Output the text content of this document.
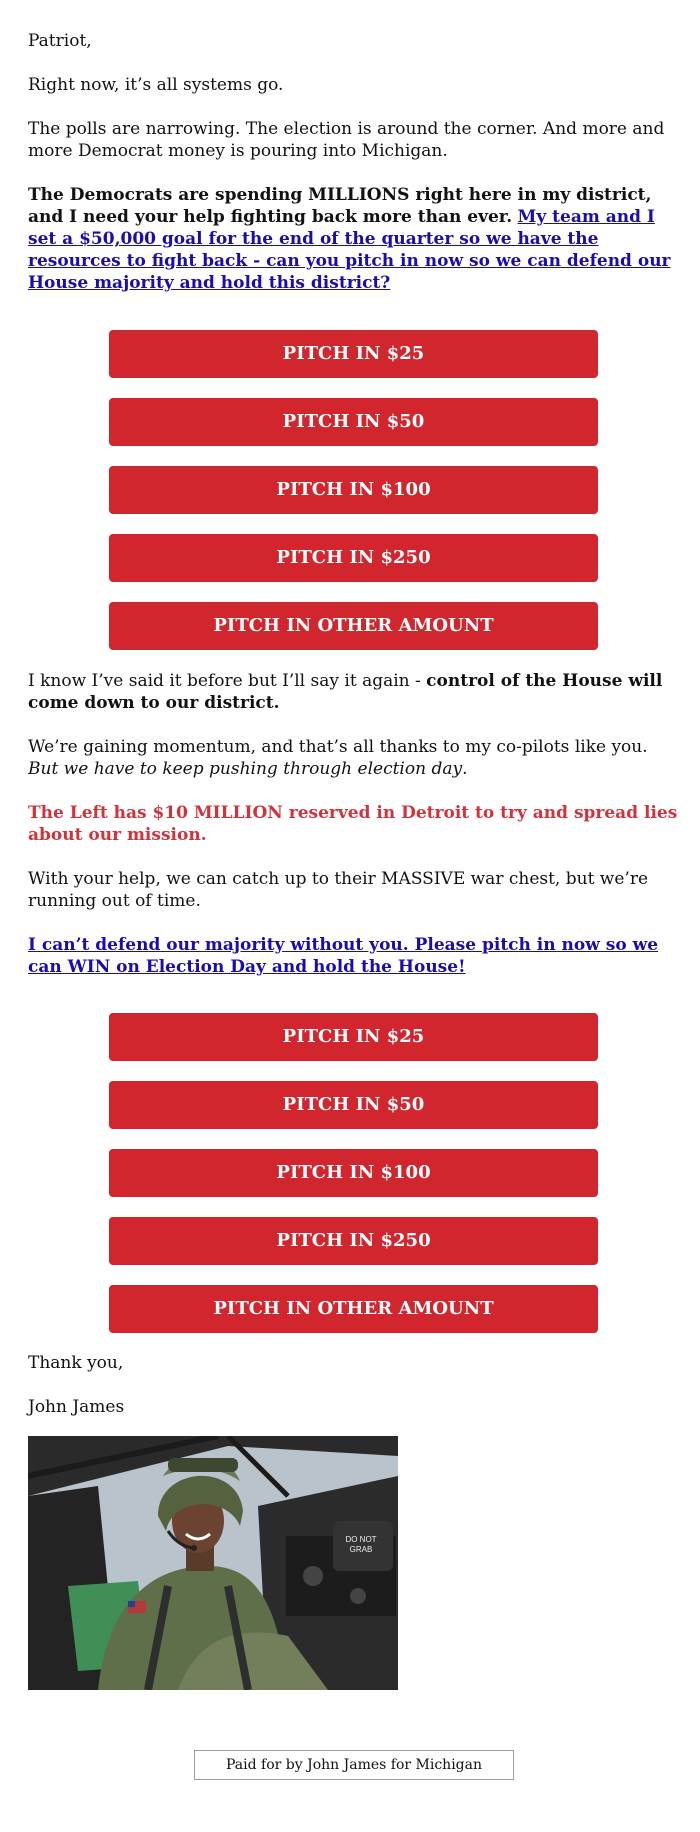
Patriot,

Right now, it’s all systems go.

The polls are narrowing. The election is around the corner. And more and more Democrat money is pouring into Michigan.

The Democrats are spending MILLIONS right here in my district, and I need your help fighting back more than ever. My team and I set a $50,000 goal for the end of the quarter so we have the resources to fight back - can you pitch in now so we can defend our House majority and hold this district?

PITCH IN $25
PITCH IN $50
PITCH IN $100
PITCH IN $250
PITCH IN OTHER AMOUNT

I know I’ve said it before but I’ll say it again - control of the House will come down to our district.

We’re gaining momentum, and that’s all thanks to my co-pilots like you. But we have to keep pushing through election day.

The Left has $10 MILLION reserved in Detroit to try and spread lies about our mission.

With your help, we can catch up to their MASSIVE war chest, but we’re running out of time.

I can’t defend our majority without you. Please pitch in now so we can WIN on Election Day and hold the House!

PITCH IN $25
PITCH IN $50
PITCH IN $100
PITCH IN $250
PITCH IN OTHER AMOUNT

Thank you,

John James

DO NOT
GRAB
Paid for by John James for Michigan
